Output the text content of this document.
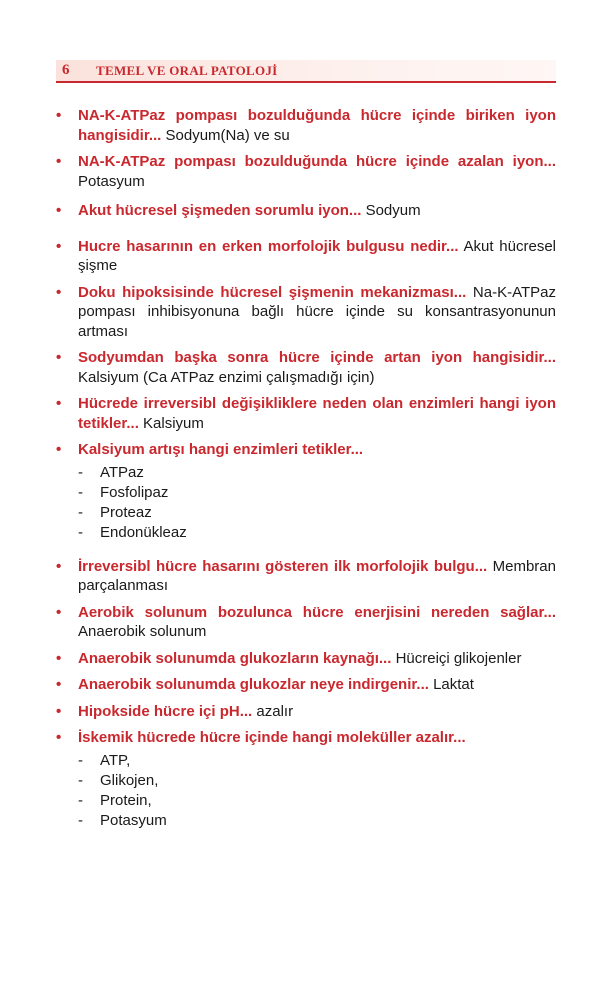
6	TEMEL VE ORAL PATOLOJİ
• NA-K-ATPaz pompası bozulduğunda hücre içinde biriken iyon hangisidir... Sodyum(Na) ve su
• NA-K-ATPaz pompası bozulduğunda hücre içinde azalan iyon... Potasyum
• Akut hücresel şişmeden sorumlu iyon... Sodyum
• Hucre hasarının en erken morfolojik bulgusu nedir... Akut hücresel şişme
• Doku hipoksisinde hücresel şişmenin mekanizması... Na-K-ATPaz pompası inhibisyonuna bağlı hücre içinde su konsantrasyonunun artması
• Sodyumdan başka sonra hücre içinde artan iyon hangisidir... Kalsiyum (Ca ATPaz enzimi çalışmadığı için)
• Hücrede irreversibl değişikliklere neden olan enzimleri hangi iyon tetikler... Kalsiyum
• Kalsiyum artışı hangi enzimleri tetikler...
- ATPaz
- Fosfolipaz
- Proteaz
- Endonükleaz
• İrreversibl hücre hasarını gösteren ilk morfolojik bulgu... Membran parçalanması
• Aerobik solunum bozulunca hücre enerjisini nereden sağlar... Anaerobik solunum
• Anaerobik solunumda glukozların kaynağı... Hücreiçi glikojenler
• Anaerobik solunumda glukozlar neye indirgenir... Laktat
• Hipokside hücre içi pH... azalır
• İskemik hücrede hücre içinde hangi moleküller azalır...
- ATP,
- Glikojen,
- Protein,
- Potasyum
